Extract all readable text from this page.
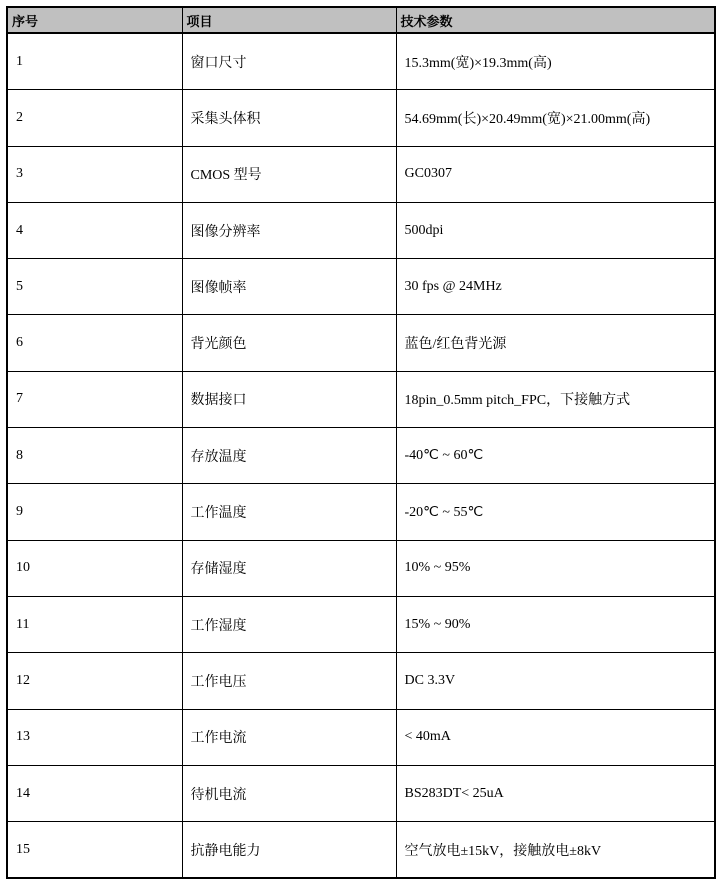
序号	项目	技术参数
1	窗口尺寸	15.3mm(宽)×19.3mm(高)
2	采集头体积	54.69mm(长)×20.49mm(宽)×21.00mm(高)
3	CMOS 型号	GC0307
4	图像分辨率	500dpi
5	图像帧率	30 fps @ 24MHz
6	背光颜色	蓝色/红色背光源
7	数据接口	18pin_0.5mm pitch_FPC，下接触方式
8	存放温度	-40℃ ~ 60℃
9	工作温度	-20℃ ~ 55℃
10	存储湿度	10% ~ 95%
11	工作湿度	15% ~ 90%
12	工作电压	DC 3.3V
13	工作电流	< 40mA
14	待机电流	BS283DT< 25uA
15	抗静电能力	空气放电±15kV，接触放电±8kV
